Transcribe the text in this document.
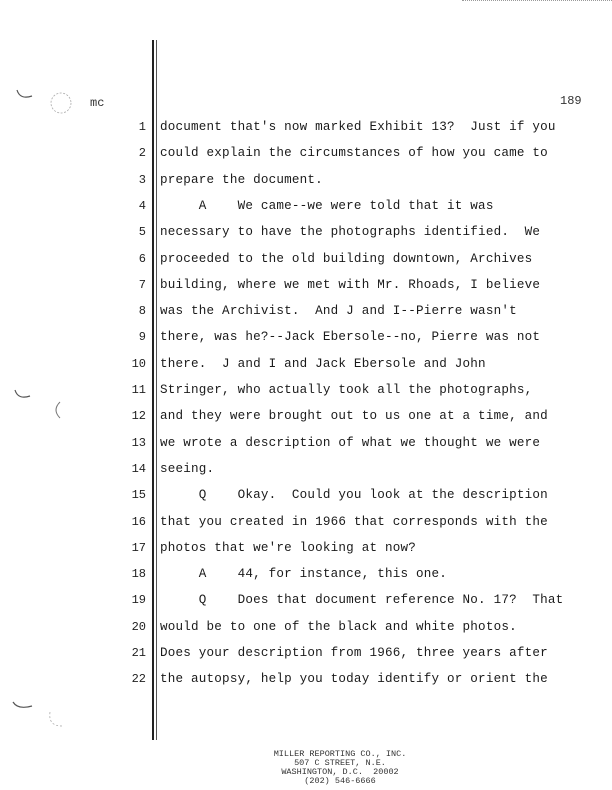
mc	189
1 document that's now marked Exhibit 13?  Just if you
2 could explain the circumstances of how you came to
3 prepare the document.
4 A    We came--we were told that it was
5 necessary to have the photographs identified.  We
6 proceeded to the old building downtown, Archives
7 building, where we met with Mr. Rhoads, I believe
8 was the Archivist.  And J and I--Pierre wasn't
9 there, was he?--Jack Ebersole--no, Pierre was not
10 there.  J and I and Jack Ebersole and John
11 Stringer, who actually took all the photographs,
12 and they were brought out to us one at a time, and
13 we wrote a description of what we thought we were
14 seeing.
15 Q    Okay.  Could you look at the description
16 that you created in 1966 that corresponds with the
17 photos that we're looking at now?
18 A    44, for instance, this one.
19 Q    Does that document reference No. 17?  That
20 would be to one of the black and white photos.
21 Does your description from 1966, three years after
22 the autopsy, help you today identify or orient the
MILLER REPORTING CO., INC.
507 C STREET, N.E.
WASHINGTON, D.C.  20002
(202) 546-6666
